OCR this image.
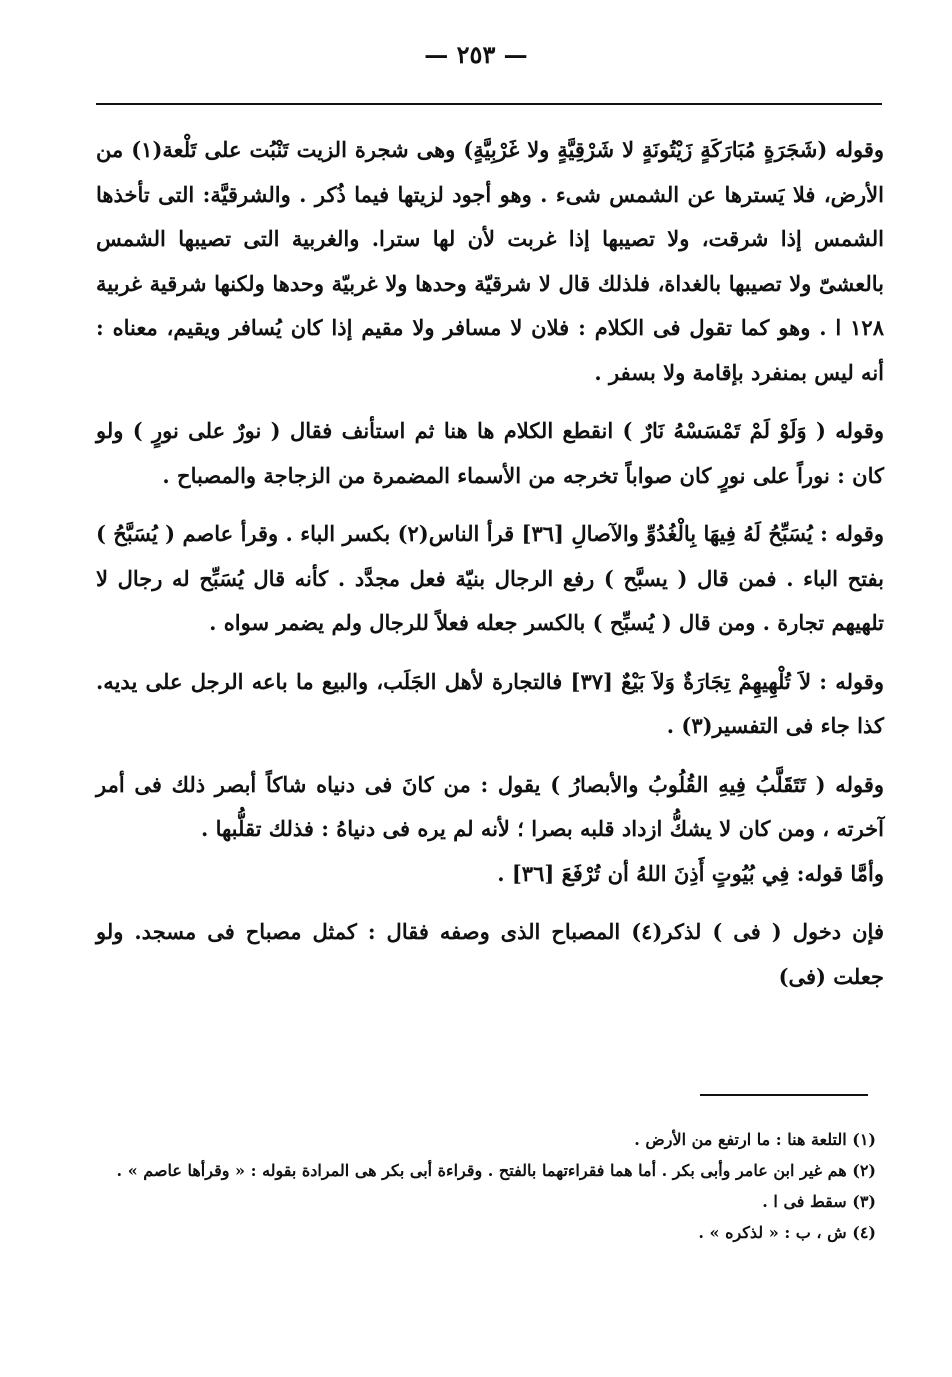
— ٢٥٣ —

وقوله (شَجَرَةٍ مُبَارَكَةٍ زَيْتُونَةٍ لا شَرْقِيَّةٍ ولا غَرْبِيَّةٍ) وهى شجرة الزيت تَنْبُت على تَلْعة(١) من الأرض، فلا يَسترها عن الشمس شىء . وهو أجود لزيتها فيما ذُكر . والشرقيَّة: التى تأخذها الشمس إذا شرقت، ولا تصيبها إذا غربت لأن لها سترا. والغربية التى تصيبها الشمس بالعشىّ ولا تصيبها بالغداة، فلذلك قال لا شرقيّة وحدها ولا غربيّة وحدها ولكنها شرقية غربية ١٢٨ ا . وهو كما تقول فى الكلام : فلان لا مسافر ولا مقيم إذا كان يُسافر ويقيم، معناه : أنه ليس بمنفرد بإقامة ولا بسفر .

وقوله ( وَلَوْ لَمْ تَمْسَسْهُ نَارٌ ) انقطع الكلام ها هنا ثم استأنف فقال ( نورٌ على نورٍ ) ولو كان : نوراً على نورٍ كان صواباً تخرجه من الأسماء المضمرة من الزجاجة والمصباح .

وقوله : يُسَبِّحُ لَهُ فِيهَا بِالْغُدُوِّ والآصالِ [٣٦] قرأ الناس(٢) بكسر الباء . وقرأ عاصم ( يُسَبَّحُ ) بفتح الباء . فمن قال ( يسبَّح ) رفع الرجال بنيّة فعل مجدَّد . كأنه قال يُسَبِّح له رجال لا تلهيهم تجارة . ومن قال ( يُسبِّح ) بالكسر جعله فعلاً للرجال ولم يضمر سواه .

وقوله : لاَ تُلْهِيهِمْ تِجَارَةٌ وَلاَ بَيْعٌ [٣٧] فالتجارة لأهل الجَلَب، والبيع ما باعه الرجل على يديه. كذا جاء فى التفسير(٣) .

وقوله ( تَتَقَلَّبُ فِيهِ القُلُوبُ والأبصارُ ) يقول : من كانَ فى دنياه شاكاً أبصر ذلك فى أمر آخرته ، ومن كان لا يشكُّ ازداد قلبه بصرا ؛ لأنه لم يره فى دنياهُ : فذلك تقلُّبها .

وأمَّا قوله: فِي بُيُوتٍ أَذِنَ اللهُ أن تُرْفَعَ [٣٦] .

فإن دخول ( فى ) لذكر(٤) المصباح الذى وصفه فقال : كمثل مصباح فى مسجد. ولو جعلت (فى)

(١) التلعة هنا : ما ارتفع من الأرض .

(٢) هم غير ابن عامر وأبى بكر . أما هما فقراءتهما بالفتح . وقراءة أبى بكر هى المرادة بقوله : « وقرأها عاصم » .

(٣) سقط فى ا .

(٤) ش ، ب : « لذكره » .
